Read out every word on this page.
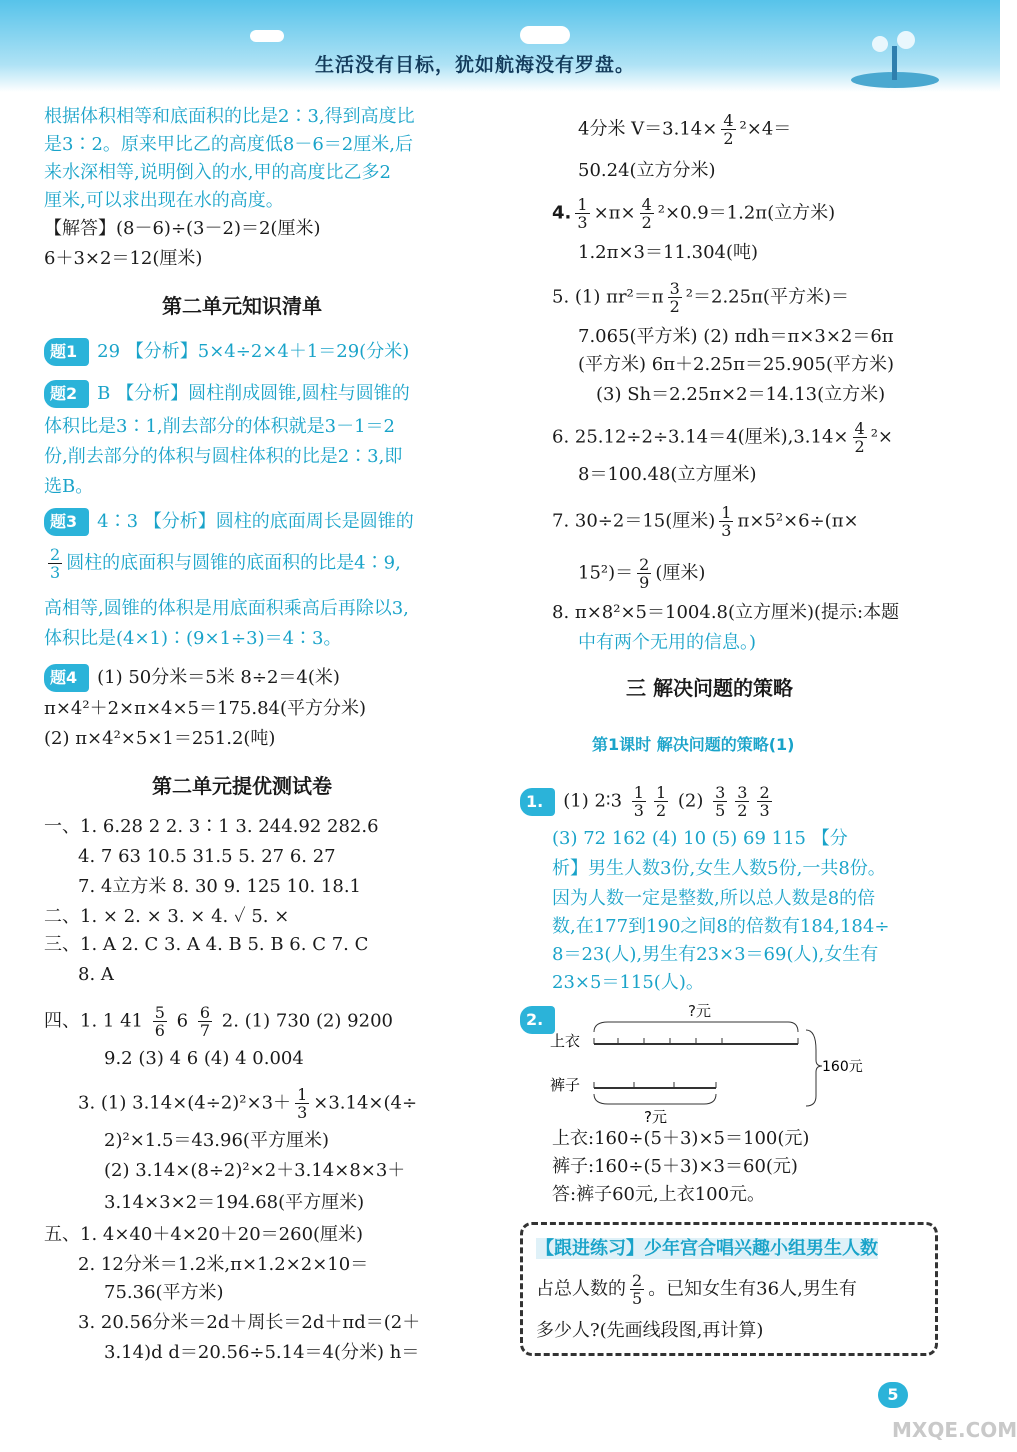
生活没有目标，犹如航海没有罗盘。
根据体积相等和底面积的比是2∶3,得到高度比
是3∶2。原来甲比乙的高度低8－6＝2厘米,后
来水深相等,说明倒入的水,甲的高度比乙多2
厘米,可以求出现在水的高度。
【解答】(8－6)÷(3－2)＝2(厘米)
6＋3×2＝12(厘米)
第二单元知识清单
题1 29 【分析】5×4÷2×4＋1＝29(分米)
题2 B 【分析】圆柱削成圆锥,圆柱与圆锥的
体积比是3∶1,削去部分的体积就是3－1＝2
份,削去部分的体积与圆柱体积的比是2∶3,即
选B。
题3 4∶3 【分析】圆柱的底面周长是圆锥的
$\frac{2}{3}$ 圆柱的底面积与圆锥的底面积的比是4∶9,
高相等,圆锥的体积是用底面积乘高后再除以3,
体积比是(4×1)∶(9×1÷3)＝4∶3。
题4 (1) 50分米＝5米 8÷2＝4(米)
π×4²＋2×π×4×5＝175.84(平方分米)
(2) π×4²×5×1＝251.2(吨)
第二单元提优测试卷
一、1. 6.28 2 2. 3∶1 3. 244.92 282.6
4. 7 63 10.5 31.5 5. 27 6. 27
7. 4立方米 8. 30 9. 125 10. 18.1
二、1. × 2. × 3. × 4. ✓ 5. ×
三、1. A 2. C 3. A 4. B 5. B 6. C 7. C
8. A
四、1. 1 $41 \frac{5}{6} 6 \frac{6}{7} 2$. (1) 730 (2) 9200
9.2 (3) 4 6 (4) 4 0.004
3. (1) $3.14\times(4\div 2)^2\times 3+ \frac{1}{3} \times 3.14\times(4\div$
2)²×1.5＝43.96(平方厘米)
(2) 3.14×(8÷2)²×2＋3.14×8×3＋
3.14×3×2＝194.68(平方厘米)
五、1. 4×40＋4×20＋20＝260(厘米)
2. 12分米＝1.2米,π×1.2×2×10＝
75.36(平方米)
3. 20.56分米＝2d＋周长＝2d＋πd＝(2＋
3.14)d d＝20.56÷5.14＝4(分米) h＝
4分米 $V=3.14\times \frac{4}{2} ^2\times 4=$
50.24(立方分米)
4. $\frac{1}{3} \times\pi\times \frac{4}{2} ^2\times 0.9=1.2\pi$(立方米)
1.2π×3＝11.304(吨)
5. (1) $\pi r^2=\pi \frac{3}{2} ^2=2.25\pi$(平方米)＝
7.065(平方米) (2) πdh＝π×3×2＝6π
(平方米) 6π＋2.25π＝25.905(平方米)
(3) Sh＝2.25π×2＝14.13(立方米)
6. 25.12÷2÷3.14＝4(厘米)$,3.14\times \frac{4}{2} ^2\times$
8＝100.48(立方厘米)
7. 30÷2＝15(厘米) $\frac{1}{3} \pi\times 5^2\times 6\div(\pi\times$
$15^2)= \frac{2}{9}$ (厘米)
8. π×8²×5＝1004.8(立方厘米)(提示:本题
中有两个无用的信息。)
三 解决问题的策略
第1课时 解决问题的策略(1)
1. (1) 2∶3 $\frac{1}{3} \frac{1}{2} (2) \frac{3}{5} \frac{3}{2} \frac{2}{3}$
(3) 72 162 (4) 10 (5) 69 115 【分
析】男生人数3份,女生人数5份,一共8份。
因为人数一定是整数,所以总人数是8的倍
数,在177到190之间8的倍数有184,184÷
8＝23(人),男生有23×3＝69(人),女生有
23×5＝115(人)。
2.	?元
上衣
裤子
?元
160元
上衣:160÷(5＋3)×5＝100(元)
裤子:160÷(5＋3)×3＝60(元)
答:裤子60元,上衣100元。
【跟进练习】少年宫合唱兴趣小组男生人数
占总人数的 $\frac{2}{5}$ 。已知女生有36人,男生有
多少人?(先画线段图,再计算)
5
MXQE.COM
